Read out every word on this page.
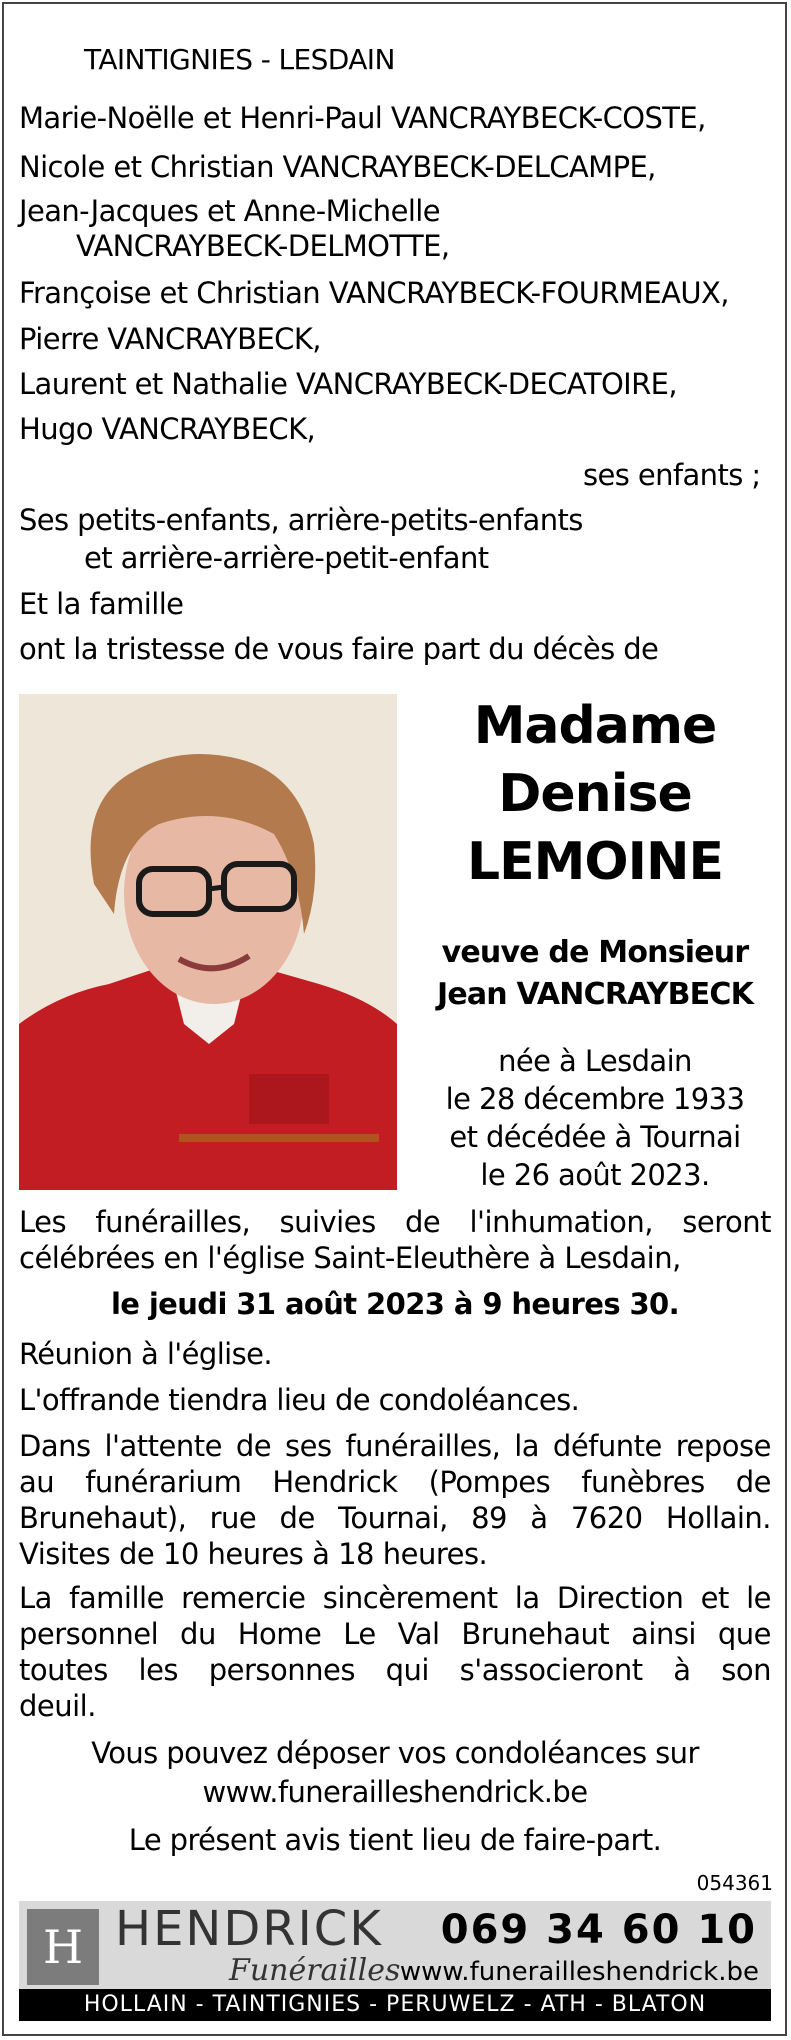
TAINTIGNIES - LESDAIN
Marie-Noëlle et Henri-Paul VANCRAYBECK-COSTE,
Nicole et Christian VANCRAYBECK-DELCAMPE,
Jean-Jacques et Anne-Michelle
VANCRAYBECK-DELMOTTE,
Françoise et Christian VANCRAYBECK-FOURMEAUX,
Pierre VANCRAYBECK,
Laurent et Nathalie VANCRAYBECK-DECATOIRE,
Hugo VANCRAYBECK,
ses enfants ;
Ses petits-enfants, arrière-petits-enfants
et arrière-arrière-petit-enfant
Et la famille
ont la tristesse de vous faire part du décès de
Madame
Denise
LEMOINE
veuve de Monsieur
Jean VANCRAYBECK
née à Lesdain
le 28 décembre 1933
et décédée à Tournai
le 26 août 2023.
Les funérailles, suivies de l'inhumation, seront
célébrées en l'église Saint-Eleuthère à Lesdain,
le jeudi 31 août 2023 à 9 heures 30.
Réunion à l'église.
L'offrande tiendra lieu de condoléances.
Dans l'attente de ses funérailles, la défunte repose
au funérarium Hendrick (Pompes funèbres de
Brunehaut), rue de Tournai, 89 à 7620 Hollain.
Visites de 10 heures à 18 heures.
La famille remercie sincèrement la Direction et le
personnel du Home Le Val Brunehaut ainsi que
toutes les personnes qui s'associeront à son
deuil.
Vous pouvez déposer vos condoléances sur
www.funerailleshendrick.be
Le présent avis tient lieu de faire-part.
054361
H HENDRICK
Funérailles
069 34 60 10
www.funerailleshendrick.be
HOLLAIN - TAINTIGNIES - PERUWELZ - ATH - BLATON
